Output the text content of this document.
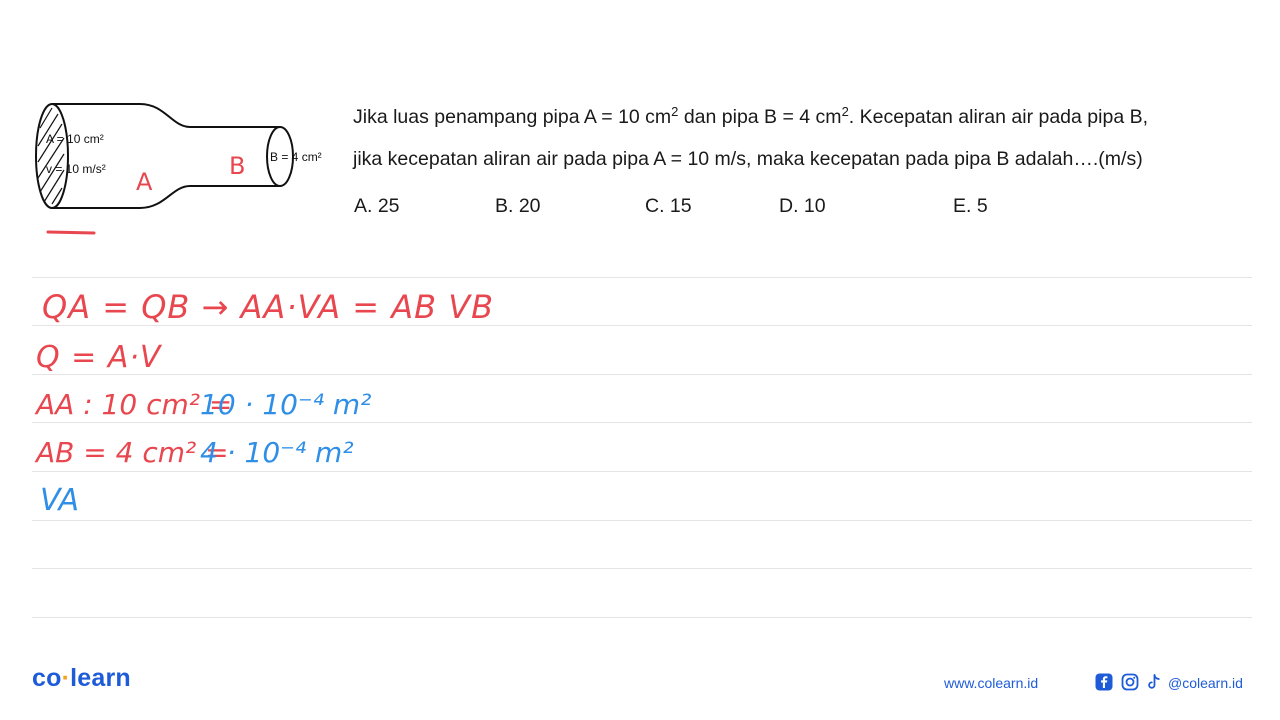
A = 10 cm²
v = 10 m/s²
B = 4 cm²
A
B
Jika luas penampang pipa A = 10 $cm^2$ dan pipa B = 4 $cm^2$. Kecepatan aliran air pada pipa B,
jika kecepatan aliran air pada pipa A = 10 m/s, maka kecepatan pada pipa B adalah….(m/s)
A. 25	B. 20	C. 15	D. 10	E. 5
QA = QB → AA·VA = AB VB
Q = A·V
AA : 10 cm² =
10 · 10⁻⁴ m²
AB = 4 cm² =
4 · 10⁻⁴ m²
VA
co·learn	www.colearn.id	@colearn.id
